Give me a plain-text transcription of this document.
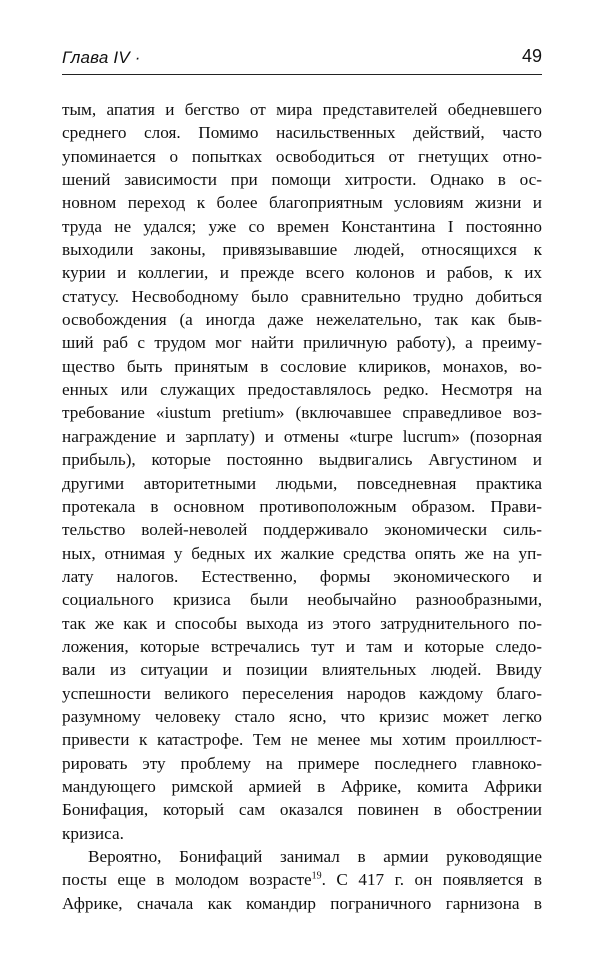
Глава IV ·	49
тым, апатия и бегство от мира представителей обедневшего
среднего слоя. Помимо насильственных действий, часто
упоминается о попытках освободиться от гнетущих отно-
шений зависимости при помощи хитрости. Однако в ос-
новном переход к более благоприятным условиям жизни и
труда не удался; уже со времен Константина I постоянно
выходили законы, привязывавшие людей, относящихся к
курии и коллегии, и прежде всего колонов и рабов, к их
статусу. Несвободному было сравнительно трудно добиться
освобождения (а иногда даже нежелательно, так как быв-
ший раб с трудом мог найти приличную работу), а преиму-
щество быть принятым в сословие клириков, монахов, во-
енных или служащих предоставлялось редко. Несмотря на
требование «iustum pretium» (включавшее справедливое воз-
награждение и зарплату) и отмены «turpe lucrum» (позорная
прибыль), которые постоянно выдвигались Августином и
другими авторитетными людьми, повседневная практика
протекала в основном противоположным образом. Прави-
тельство волей-неволей поддерживало экономически силь-
ных, отнимая у бедных их жалкие средства опять же на уп-
лату налогов. Естественно, формы экономического и
социального кризиса были необычайно разнообразными,
так же как и способы выхода из этого затруднительного по-
ложения, которые встречались тут и там и которые следо-
вали из ситуации и позиции влиятельных людей. Ввиду
успешности великого переселения народов каждому благо-
разумному человеку стало ясно, что кризис может легко
привести к катастрофе. Тем не менее мы хотим проиллюст-
рировать эту проблему на примере последнего главноко-
мандующего римской армией в Африке, комита Африки
Бонифация, который сам оказался повинен в обострении
кризиса.
Вероятно, Бонифаций занимал в армии руководящие
посты еще в молодом возрасте$^{19}$. С 417 г. он появляется в
Африке, сначала как командир пограничного гарнизона в
